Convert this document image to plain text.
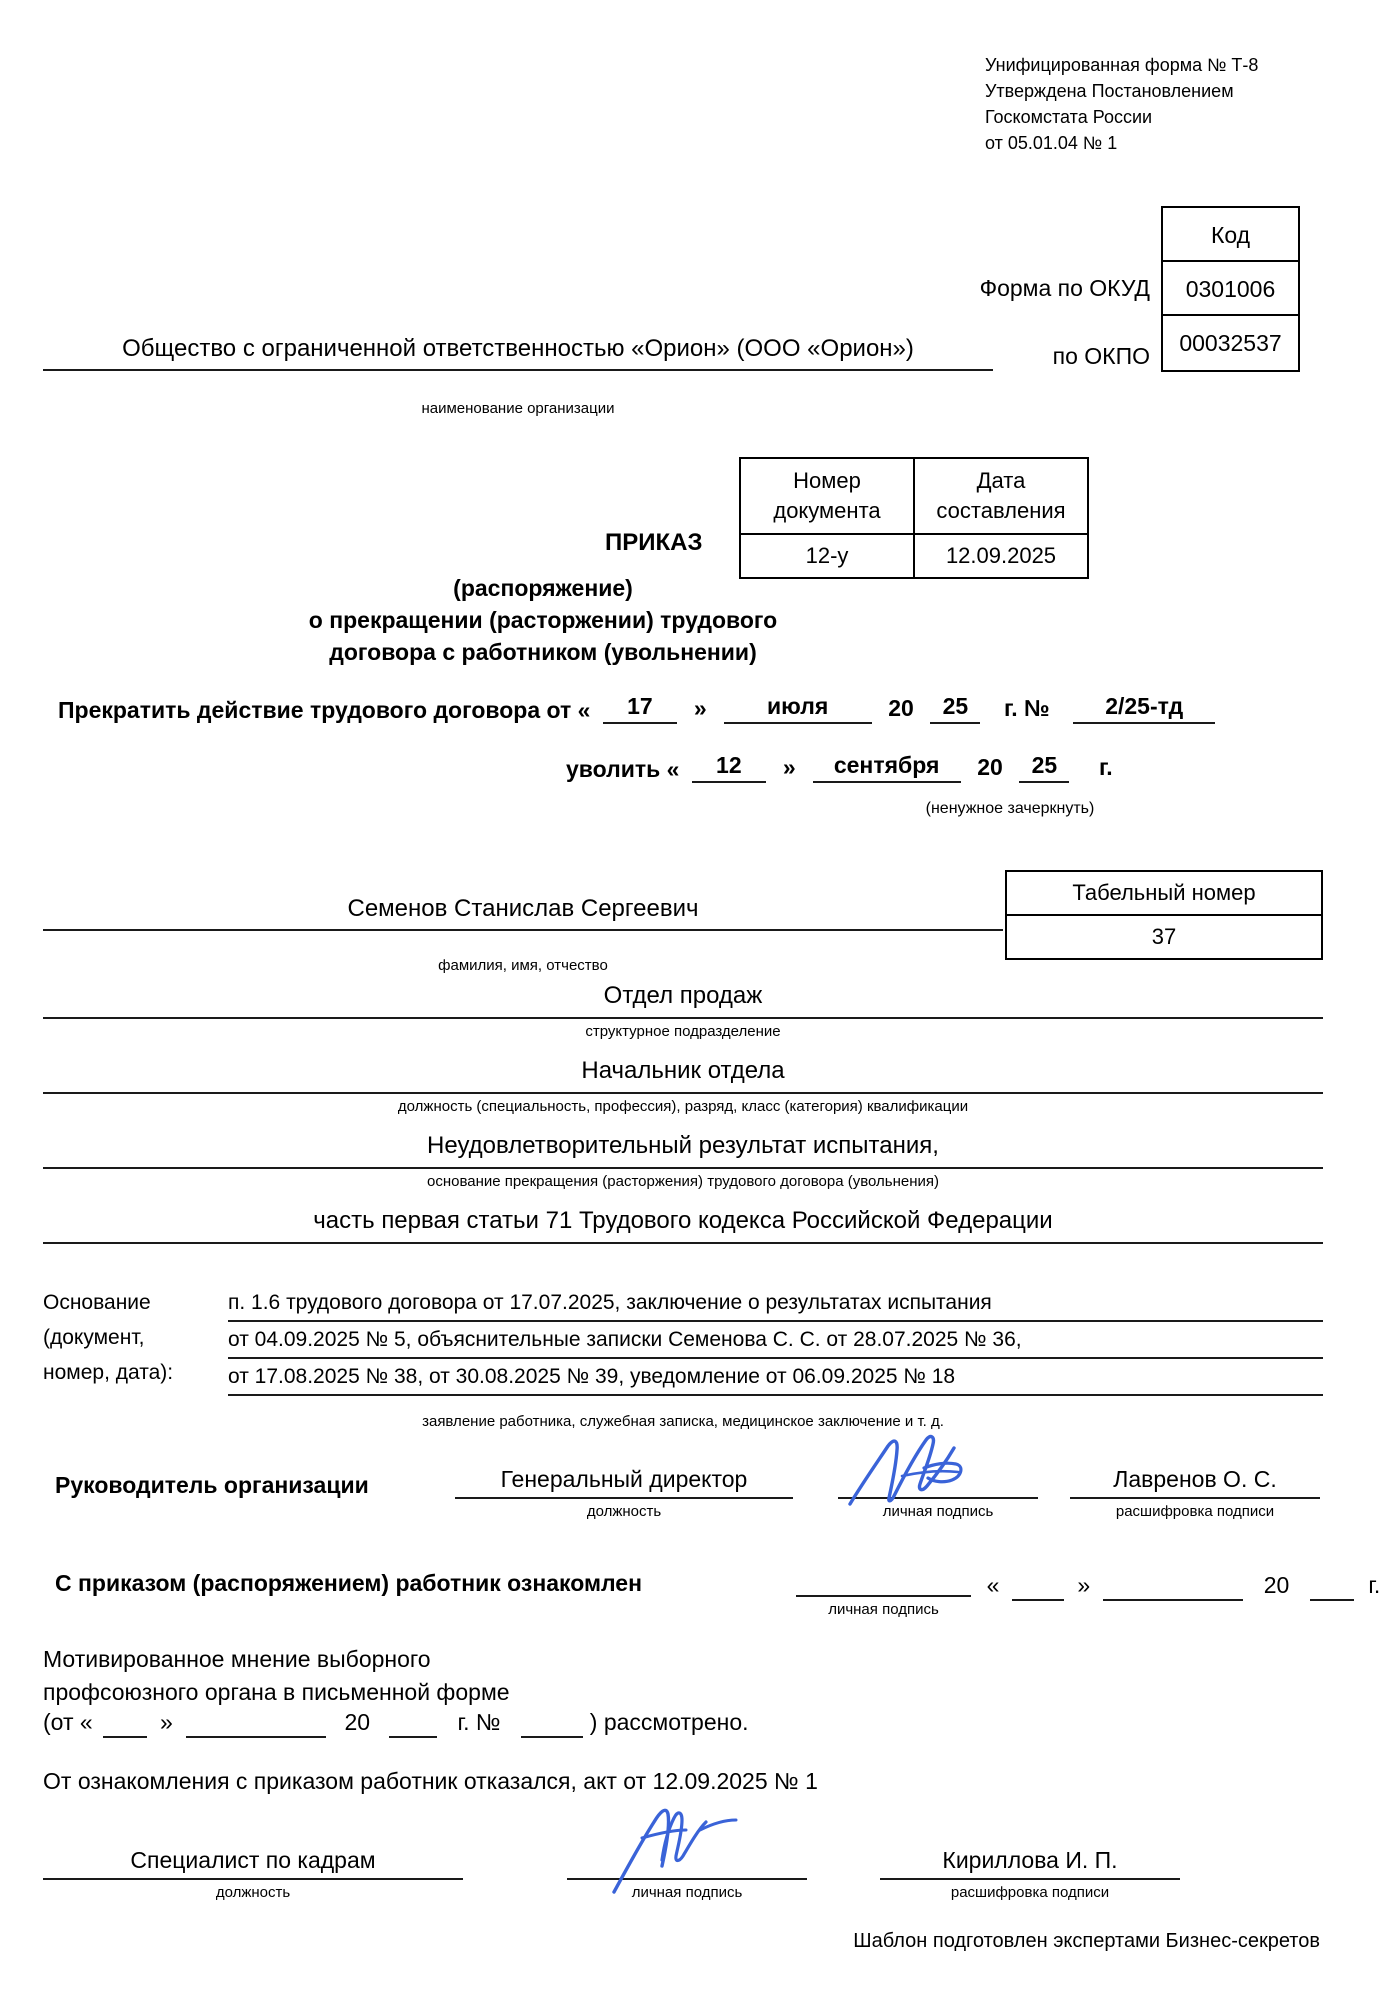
Унифицированная форма № Т-8
Утверждена Постановлением
Госкомстата России
от 05.01.04 № 1
Код
0301006
00032537
Форма по ОКУД
по ОКПО
Общество с ограниченной ответственностью «Орион» (ООО «Орион»)
наименование организации
Номер документа	Дата составления
12-у	12.09.2025
ПРИКАЗ
(распоряжение)
о прекращении (расторжении) трудового
договора с работником (увольнении)
Прекратить действие трудового договора от « 17 »	июля	20 25 г. № 2/25-тд
уволить « 12 » сентября 20 25 г.
(ненужное зачеркнуть)
Табельный номер
37
Семенов Станислав Сергеевич
фамилия, имя, отчество
Отдел продаж
структурное подразделение
Начальник отдела
должность (специальность, профессия), разряд, класс (категория) квалификации
Неудовлетворительный результат испытания,
основание прекращения (расторжения) трудового договора (увольнения)
часть первая статьи 71 Трудового кодекса Российской Федерации
Основание
(документ,
номер, дата):
п. 1.6 трудового договора от 17.07.2025, заключение о результатах испытания
от 04.09.2025 № 5, объяснительные записки Семенова С. С. от 28.07.2025 № 36,
от 17.08.2025 № 38, от 30.08.2025 № 39, уведомление от 06.09.2025 № 18
заявление работника, служебная записка, медицинское заключение и т. д.
Руководитель организации	Генеральный директор
должность
	личная подпись
Лавренов О. С.
расшифровка подписи
С приказом (распоряжением) работник ознакомлен

личная подпись
«	»	20	г.
Мотивированное мнение выборного
профсоюзного органа в письменной форме
(от «	»	20	г. №	) рассмотрено.
От ознакомления с приказом работник отказался, акт от 12.09.2025 № 1
Специалист по кадрам
должность
	личная подпись
Кириллова И. П.
расшифровка подписи
Шаблон подготовлен экспертами Бизнес-секретов
